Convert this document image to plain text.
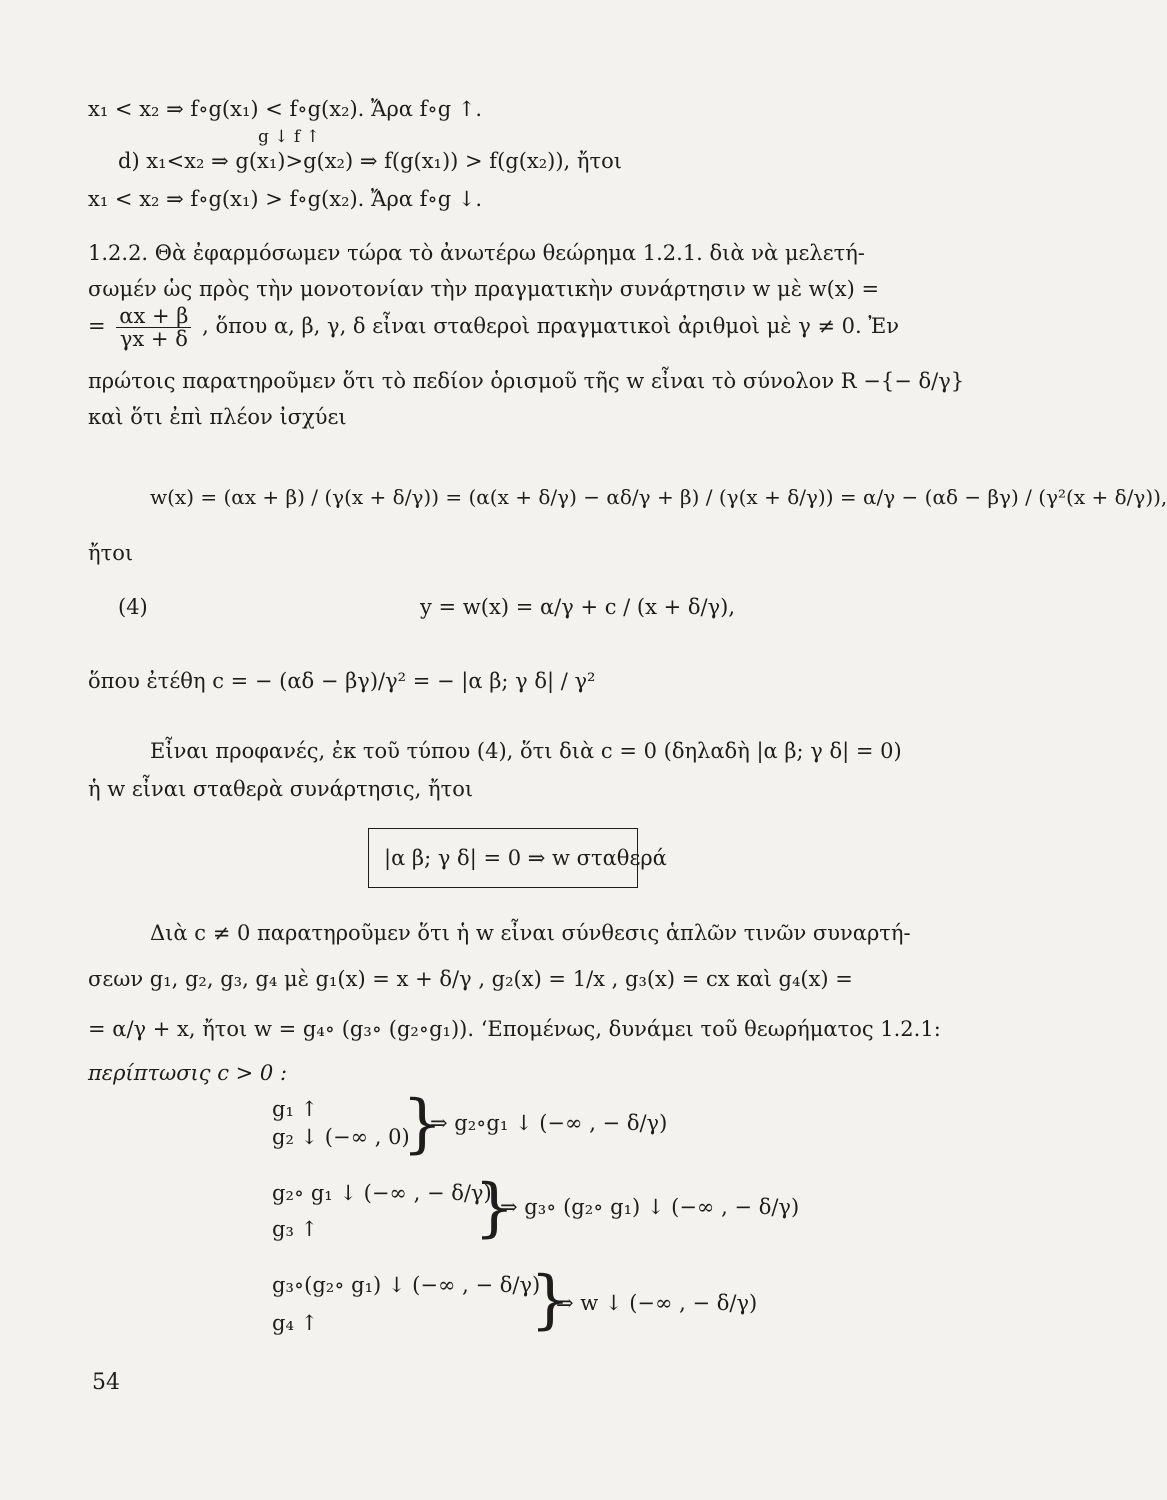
x₁ < x₂ ⇒ f∘g(x₁) < f∘g(x₂). Ἄρα f∘g ↑.
g ↓ f ↑
d) x₁<x₂ ⇒ g(x₁)>g(x₂) ⇒ f(g(x₁)) > f(g(x₂)), ἤτοι
x₁ < x₂ ⇒ f∘g(x₁) > f∘g(x₂). Ἄρα f∘g ↓.
1.2.2. Θὰ ἐφαρμόσωμεν τώρα τὸ ἀνωτέρω θεώρημα 1.2.1. διὰ νὰ μελετή-
σωμέν ὡς πρὸς τὴν μονοτονίαν τὴν πραγματικὴν συνάρτησιν w μὲ w(x) =
= $\frac{\alpha x + \beta}{\gamma x + \delta}$ , ὅπου α, β, γ, δ εἶναι σταθεροὶ πραγματικοὶ ἀριθμοὶ μὲ γ ≠ 0. Ἐν
πρώτοις παρατηροῦμεν ὅτι τὸ πεδίον ὁρισμοῦ τῆς w εἶναι τὸ σύνολον R −{− δ/γ}
καὶ ὅτι ἐπὶ πλέον ἰσχύει
w(x) = (αx + β) / (γ(x + δ/γ)) = (α(x + δ/γ) − αδ/γ + β) / (γ(x + δ/γ)) = α/γ − (αδ − βγ) / (γ²(x + δ/γ)),
ἤτοι
(4)	y = w(x) = α/γ + c / (x + δ/γ),
ὅπου ἐτέθη c = − (αδ − βγ)/γ² = − |α β; γ δ| / γ²
Εἶναι προφανές, ἐκ τοῦ τύπου (4), ὅτι διὰ c = 0 (δηλαδὴ |α β; γ δ| = 0)
ἡ w εἶναι σταθερὰ συνάρτησις, ἤτοι
|α β; γ δ| = 0 ⇒ w σταθερά
Διὰ c ≠ 0 παρατηροῦμεν ὅτι ἡ w εἶναι σύνθεσις ἁπλῶν τινῶν συναρτή-
σεων g₁, g₂, g₃, g₄ μὲ g₁(x) = x + δ/γ , g₂(x) = 1/x , g₃(x) = cx καὶ g₄(x) =
= α/γ + x, ἤτοι w = g₄∘ (g₃∘ (g₂∘g₁)). ‘Επομένως, δυνάμει τοῦ θεωρήματος 1.2.1:
περίπτωσις c > 0 :
g₁ ↑
g₂ ↓ (−∞ , 0)
}
⇒ g₂∘g₁ ↓ (−∞ , − δ/γ)
g₂∘ g₁ ↓ (−∞ , − δ/γ)
g₃ ↑ }
⇒ g₃∘ (g₂∘ g₁) ↓ (−∞ , − δ/γ)
g₃∘(g₂∘ g₁) ↓ (−∞ , − δ/γ)
g₄ ↑	}
⇒ w ↓ (−∞ , − δ/γ)
54
